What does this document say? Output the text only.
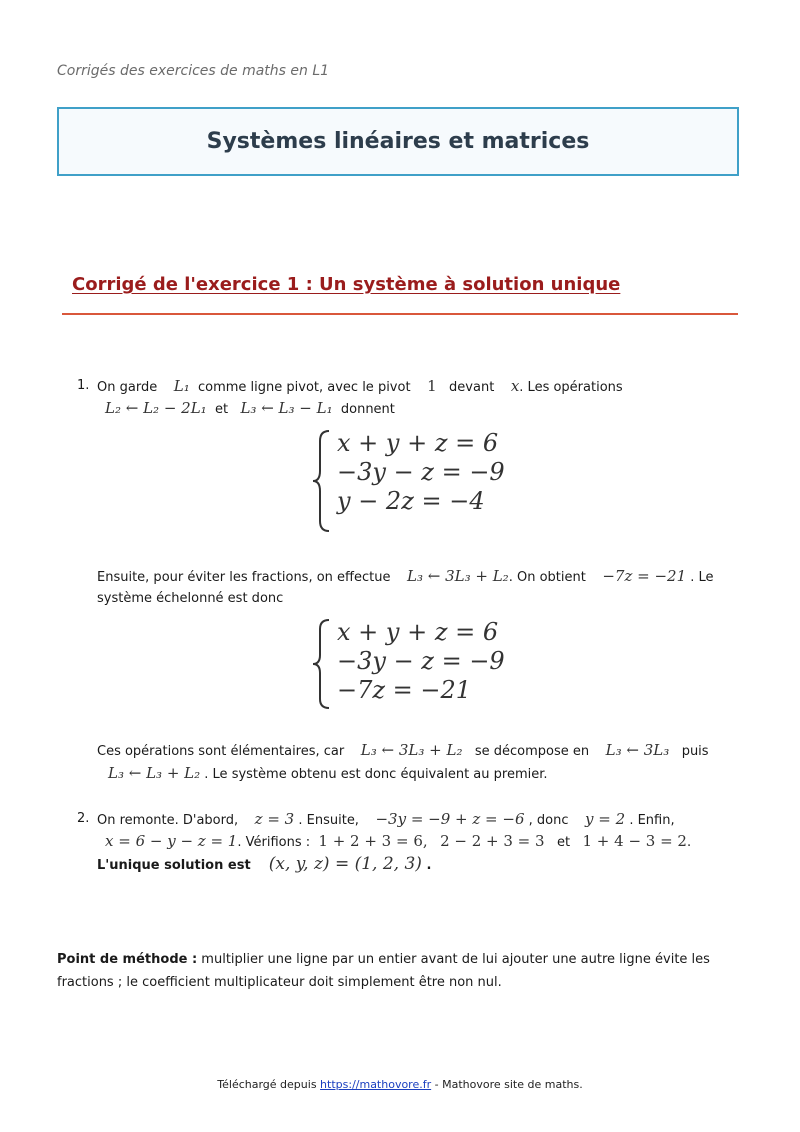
Corrigés des exercices de maths en L1
Systèmes linéaires et matrices
Corrigé de l'exercice 1 : Un système à solution unique
1. On garde L₁ comme ligne pivot, avec le pivot 1 devant x. Les opérations
L₂ ← L₂ − 2L₁ et L₃ ← L₃ − L₁ donnent
x + y + z = 6
−3y − z = −9
y − 2z = −4
Ensuite, pour éviter les fractions, on effectue L₃ ← 3L₃ + L₂. On obtient −7z = −21 . Le
système échelonné est donc
x + y + z = 6
−3y − z = −9
−7z = −21
Ces opérations sont élémentaires, car L₃ ← 3L₃ + L₂ se décompose en L₃ ← 3L₃ puis
L₃ ← L₃ + L₂ . Le système obtenu est donc équivalent au premier.
2. On remonte. D'abord, z = 3 . Ensuite, −3y = −9 + z = −6 , donc y = 2 . Enfin,
x = 6 − y − z = 1. Vérifions : 1 + 2 + 3 = 6, 2 − 2 + 3 = 3 et 1 + 4 − 3 = 2.
L'unique solution est (x, y, z) = (1, 2, 3) .
Point de méthode : multiplier une ligne par un entier avant de lui ajouter une autre ligne évite les fractions ; le coefficient multiplicateur doit simplement être non nul.
Téléchargé depuis https://mathovore.fr - Mathovore site de maths.
